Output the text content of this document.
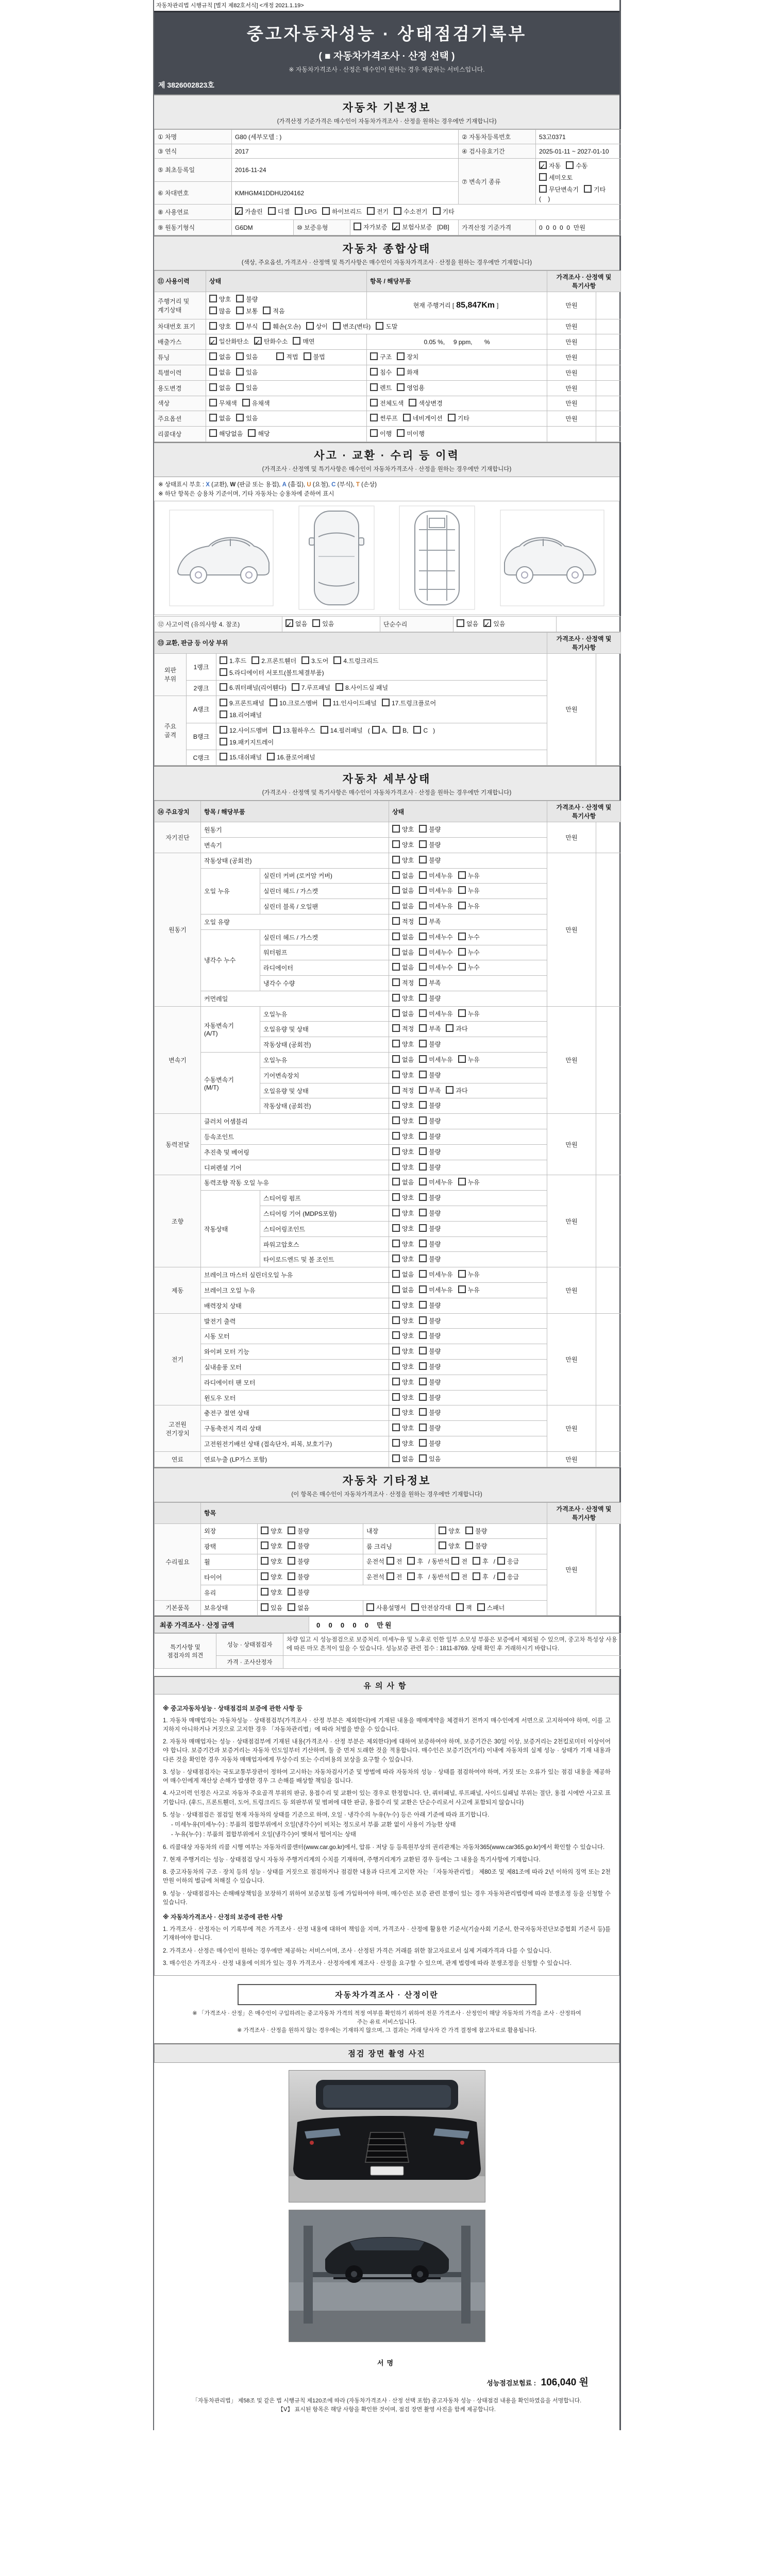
자동차관리법 시행규칙 [별지 제82호서식] <개정 2021.1.19>
중고자동차성능 · 상태점검기록부
( ■ 자동차가격조사 · 산정 선택 )
※ 자동차가격조사 · 산정은 매수인이 원하는 경우 제공하는 서비스입니다.
제 3826002823호
자동차 기본정보
(가격산정 기준가격은 매수인이 자동차가격조사 · 산정을 원하는 경우에만 기재합니다)
① 차명	G80 (세부모델 : )			② 자동차등록번호	53고0371
③ 연식	2017			④ 검사유효기간	2025-01-11 ~ 2027-01-10
⑤ 최초등록일	2016-11-24			⑦ 변속기 종류	✓자동 수동세미오토
무단변속기 기타(    )
⑥ 차대번호	KMHGM41DDHU204162				
⑧ 사용연료	✓가솔린 디젤 LPG 하이브리드 전기 수소전기 기타
⑨ 원동기형식	G6DM	⑩ 보증유형	자가보증 ✓ 보험사보증 [DB]	가격산정 기준가격	0  0  0  0  0  만원
자동차 종합상태
(색상, 주요옵션, 가격조사 · 산정액 및 특기사항은 매수인이 자동차가격조사 · 산정을 원하는 경우에만 기재합니다)
⑪ 사용이력	상태	항목 / 해당부품	가격조사 · 산정액 및 특기사항	
주행거리 및
계기상태	양호 불량
많음 보통 적음	현재 주행거리 [ 85,847Km ]	만원	
차대번호 표기	양호 부식 훼손(오손) 상이 변조(변타) 도말		만원	
배출가스	✓일산화탄소 ✓ 탄화수소 매연	0.05 %,     9 ppm,       %	만원	
튜닝	없음 있음 적법 불법	구조 장치	만원	
특별이력	없음 있음	침수 화재	만원	
용도변경	없음 있음	렌트 영업용	만원	
색상	무채색 유채색	전체도색 색상변경	만원	
주요옵션	없음 있음	썬루프 네비게이션 기타	만원	
리콜대상	해당없음 해당	이행 미이행		
사고 · 교환 · 수리 등 이력
(가격조사 · 산정액 및 특기사항은 매수인이 자동차가격조사 · 산정을 원하는 경우에만 기재합니다)
※ 상태표시 부호 : X (교환), W (판금 또는 용접), A (흠집), U (요철), C (부식), T (손상)
※ 하단 항목은 승용차 기준이며, 기타 자동차는 승용차에 준하여 표시
⑫ 사고이력 (유의사항 4. 참조)	✓없음 있음	단순수리	없음 ✓ 있음	
⑬ 교환, 판금 등 이상 부위			가격조사 · 산정액 및 특기사항	
외판
부위	1랭크	1.후드 2.프론트휀더 3.도어 4.트렁크리드
5.라디에이터 서포트(볼트체결부품)	만원	
	2랭크	6.쿼터패널(리어휀다) 7.루프패널 8.사이드실 패널		
주요
골격	A랭크	9.프론트패널 10.크로스멤버 11.인사이드패널 17.트렁크플로어
18.리어패널		
	B랭크	12.사이드멤버 13.휠하우스 14.필러패널 ( A, B, C )
19.패키지트레이		
	C랭크	15.대쉬패널 16.플로어패널		
자동차 세부상태
(가격조사 · 산정액 및 특기사항은 매수인이 자동차가격조사 · 산정을 원하는 경우에만 기재합니다)
⑭ 주요장치	항목 / 해당부품		상태	가격조사 · 산정액 및 특기사항	
자기진단	원동기		양호 불량	만원	
	변속기		양호 불량		
원동기	작동상태 (공회전)		양호 불량	만원	
	오일 누유	실린더 커버 (로커암 커버)	없음 미세누유 누유		
		실린더 헤드 / 가스켓	없음 미세누유 누유		
		실린더 블록 / 오일팬	없음 미세누유 누유		
	오일 유량		적정 부족		
	냉각수 누수	실린더 헤드 / 가스켓	없음 미세누수 누수		
		워터펌프	없음 미세누수 누수		
		라디에이터	없음 미세누수 누수		
		냉각수 수량	적정 부족		
	커먼레일		양호 불량		
변속기	자동변속기
(A/T)	오일누유	없음 미세누유 누유	만원	
		오일유량 및 상태	적정 부족 과다		
		작동상태 (공회전)	양호 불량		
	수동변속기
(M/T)	오일누유	없음 미세누유 누유		
		기어변속장치	양호 불량		
		오일유량 및 상태	적정 부족 과다		
		작동상태 (공회전)	양호 불량		
동력전달	클러치 어셈블리		양호 불량	만원	
	등속조인트		양호 불량		
	추진축 및 베어링		양호 불량		
	디퍼렌셜 기어		양호 불량		
조향	동력조향 작동 오일 누유		없음 미세누유 누유	만원	
	작동상태	스티어링 펌프	양호 불량		
		스티어링 기어 (MDPS포함)	양호 불량		
		스티어링조인트	양호 불량		
		파워고압호스	양호 불량		
		타이로드엔드 및 볼 조인트	양호 불량		
제동	브레이크 마스터 실린더오일 누유		없음 미세누유 누유	만원	
	브레이크 오일 누유		없음 미세누유 누유		
	배력장치 상태		양호 불량		
전기	발전기 출력		양호 불량	만원	
	시동 모터		양호 불량		
	와이퍼 모터 기능		양호 불량		
	실내송풍 모터		양호 불량		
	라디에이터 팬 모터		양호 불량		
	윈도우 모터		양호 불량		
고전원
전기장치	충전구 절연 상태		양호 불량	만원	
	구동축전지 격리 상태		양호 불량		
	고전원전기배선 상태 (접속단자, 피복, 보호기구)		양호 불량		
연료	연료누출 (LP가스 포함)		없음 있음	만원	
자동차 기타정보
(이 항목은 매수인이 자동차가격조사 · 산정을 원하는 경우에만 기재합니다)
	항목				가격조사 · 산정액 및 특기사항	
수리필요	외장	양호 불량	내장	양호 불량	만원	
	광택	양호 불량	룸 크리닝	양호 불량		
	휠	양호 불량	운전석 전 후 / 동반석 전 후 / 응급			
	타이어	양호 불량	운전석 전 후 / 동반석 전 후 / 응급			
	유리	양호 불량				
기본품목	보유상태	있음 없음	사용설명서 안전삼각대 잭 스패너			
최종 가격조사 · 산정 금액	0  0  0  0  0  만원
특기사항 및
점검자의 의견	성능 · 상태점검자	차량 입고 시 성능점검으로 보증처리. 미세누유 및 노후로 인한 일부 소모성 부품은 보증에서 제외될 수 있으며, 중고차 특성상 사용에 따른 마모 흔적이 있을 수 있습니다. 성능보증 관련 접수 : 1811-8769. 상태 확인 후 거래하시기 바랍니다.
	가격 · 조사산정자	
유의사항
※ 중고자동차성능 · 상태점검의 보증에 관한 사항 등
1. 자동차 매매업자는 자동차성능 · 상태점검부(가격조사 · 산정 부분은 제외한다)에 기재된 내용을 매매계약을 체결하기 전까지 매수인에게 서면으로 고지하여야 하며, 이를 고지하지 아니하거나 거짓으로 고지한 경우 「자동차관리법」에 따라 처벌을 받을 수 있습니다.
2. 자동차 매매업자는 성능 · 상태점검부에 기재된 내용(가격조사 · 산정 부분은 제외한다)에 대하여 보증하여야 하며, 보증기간은 30일 이상, 보증거리는 2천킬로미터 이상이어야 합니다. 보증기간과 보증거리는 자동차 인도일부터 기산하며, 둘 중 먼저 도래한 것을 적용합니다. 매수인은 보증기간(거리) 이내에 자동차의 실제 성능 · 상태가 기재 내용과 다른 것을 확인한 경우 자동차 매매업자에게 무상수리 또는 수리비용의 보상을 요구할 수 있습니다.
3. 성능 · 상태점검자는 국토교통부장관이 정하여 고시하는 자동차검사기준 및 방법에 따라 자동차의 성능 · 상태를 점검하여야 하며, 거짓 또는 오류가 있는 점검 내용을 제공하여 매수인에게 재산상 손해가 발생한 경우 그 손해를 배상할 책임을 집니다.
4. 사고이력 인정은 사고로 자동차 주요골격 부위의 판금, 용접수리 및 교환이 있는 경우로 한정합니다. 단, 쿼터패널, 루프패널, 사이드실패널 부위는 절단, 용접 시에만 사고로 표기합니다. (후드, 프론트휀더, 도어, 트렁크리드 등 외판부위 및 범퍼에 대한 판금, 용접수리 및 교환은 단순수리로서 사고에 포함되지 않습니다)
5. 성능 · 상태점검은 점검일 현재 자동차의 상태를 기준으로 하며, 오일 · 냉각수의 누유(누수) 등은 아래 기준에 따라 표기합니다.
- 미세누유(미세누수) : 부품의 접합부위에서 오일(냉각수)이 비치는 정도로서 부품 교환 없이 사용이 가능한 상태
- 누유(누수) : 부품의 접합부위에서 오일(냉각수)이 맺혀서 떨어지는 상태
6. 리콜대상 자동차의 리콜 시행 여부는 자동차리콜센터(www.car.go.kr)에서, 압류 · 저당 등 등록원부상의 권리관계는 자동차365(www.car365.go.kr)에서 확인할 수 있습니다.
7. 현재 주행거리는 성능 · 상태점검 당시 자동차 주행거리계의 수치를 기재하며, 주행거리계가 교환된 경우 등에는 그 내용을 특기사항에 기재합니다.
8. 중고자동차의 구조 · 장치 등의 성능 · 상태를 거짓으로 점검하거나 점검한 내용과 다르게 고지한 자는 「자동차관리법」 제80조 및 제81조에 따라 2년 이하의 징역 또는 2천만원 이하의 벌금에 처해질 수 있습니다.
9. 성능 · 상태점검자는 손해배상책임을 보장하기 위하여 보증보험 등에 가입하여야 하며, 매수인은 보증 관련 분쟁이 있는 경우 자동차관리법령에 따라 분쟁조정 등을 신청할 수 있습니다.
※ 자동차가격조사 · 산정의 보증에 관한 사항
1. 가격조사 · 산정자는 이 기록부에 적은 가격조사 · 산정 내용에 대하여 책임을 지며, 가격조사 · 산정에 활용한 기준서(기술사회 기준서, 한국자동차진단보증협회 기준서 등)를 기재하여야 합니다.
2. 가격조사 · 산정은 매수인이 원하는 경우에만 제공하는 서비스이며, 조사 · 산정된 가격은 거래를 위한 참고자료로서 실제 거래가격과 다를 수 있습니다.
3. 매수인은 가격조사 · 산정 내용에 이의가 있는 경우 가격조사 · 산정자에게 재조사 · 산정을 요구할 수 있으며, 관계 법령에 따라 분쟁조정을 신청할 수 있습니다.
자동차가격조사 · 산정이란
※ 「가격조사 · 산정」은 매수인이 구입하려는 중고자동차 가격의 적정 여부를 확인하기 위하여 전문 가격조사 · 산정인이 해당 자동차의 가격을 조사 · 산정하여 주는 유료 서비스입니다.
※ 가격조사 · 산정을 원하지 않는 경우에는 기재하지 않으며, 그 결과는 거래 당사자 간 가격 결정에 참고자료로 활용됩니다.
점검 장면 촬영 사진
서명
성능점검보험료 : 106,040 원
「자동차관리법」 제58조 및 같은 법 시행규칙 제120조에 따라 (자동차가격조사 · 산정 선택 포함) 중고자동차 성능 · 상태점검 내용을 확인하였음을 서명합니다.
【Ⅴ】 표시된 항목은 해당 사항을 확인한 것이며, 점검 장면 촬영 사진을 함께 제공합니다.
